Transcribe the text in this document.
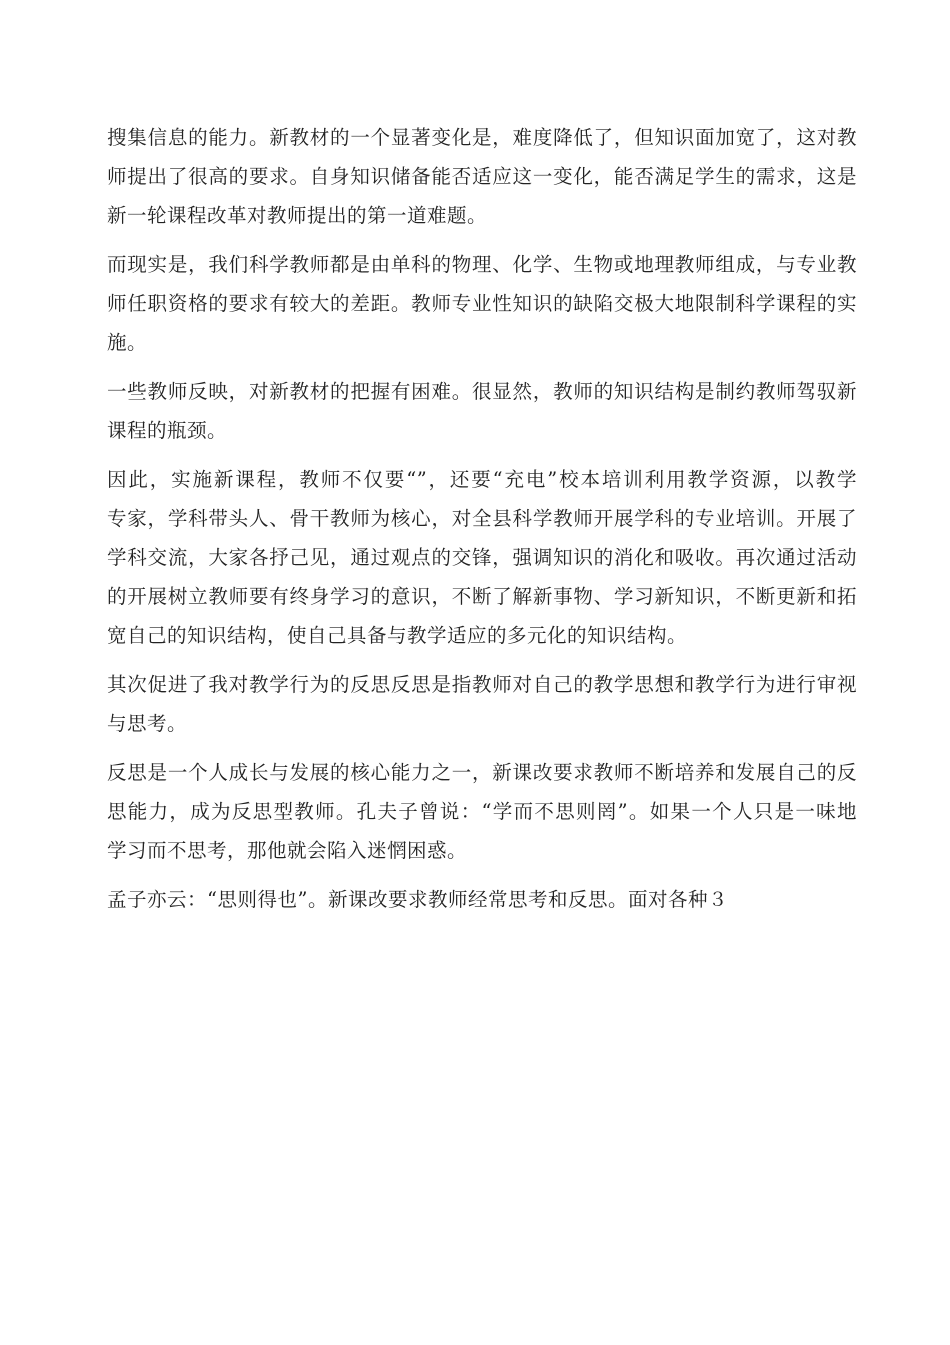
搜集信息的能力。新教材的一个显著变化是，难度降低了，但知识面加宽了，这对教
师提出了很高的要求。自身知识储备能否适应这一变化，能否满足学生的需求，这是
新一轮课程改革对教师提出的第一道难题。
而现实是，我们科学教师都是由单科的物理、化学、生物或地理教师组成，与专业教
师任职资格的要求有较大的差距。教师专业性知识的缺陷交极大地限制科学课程的实
施。
一些教师反映，对新教材的把握有困难。很显然，教师的知识结构是制约教师驾驭新
课程的瓶颈。
因此，实施新课程，教师不仅要“”，还要“充电”校本培训利用教学资源，以教学
专家，学科带头人、骨干教师为核心，对全县科学教师开展学科的专业培训。开展了
学科交流，大家各抒己见，通过观点的交锋，强调知识的消化和吸收。再次通过活动
的开展树立教师要有终身学习的意识，不断了解新事物、学习新知识，不断更新和拓
宽自己的知识结构，使自己具备与教学适应的多元化的知识结构。
其次促进了我对教学行为的反思反思是指教师对自己的教学思想和教学行为进行审视
与思考。
反思是一个人成长与发展的核心能力之一，新课改要求教师不断培养和发展自己的反
思能力，成为反思型教师。孔夫子曾说：“学而不思则罔”。如果一个人只是一味地
学习而不思考，那他就会陷入迷惘困惑。
孟子亦云：“思则得也”。新课改要求教师经常思考和反思。面对各种３
